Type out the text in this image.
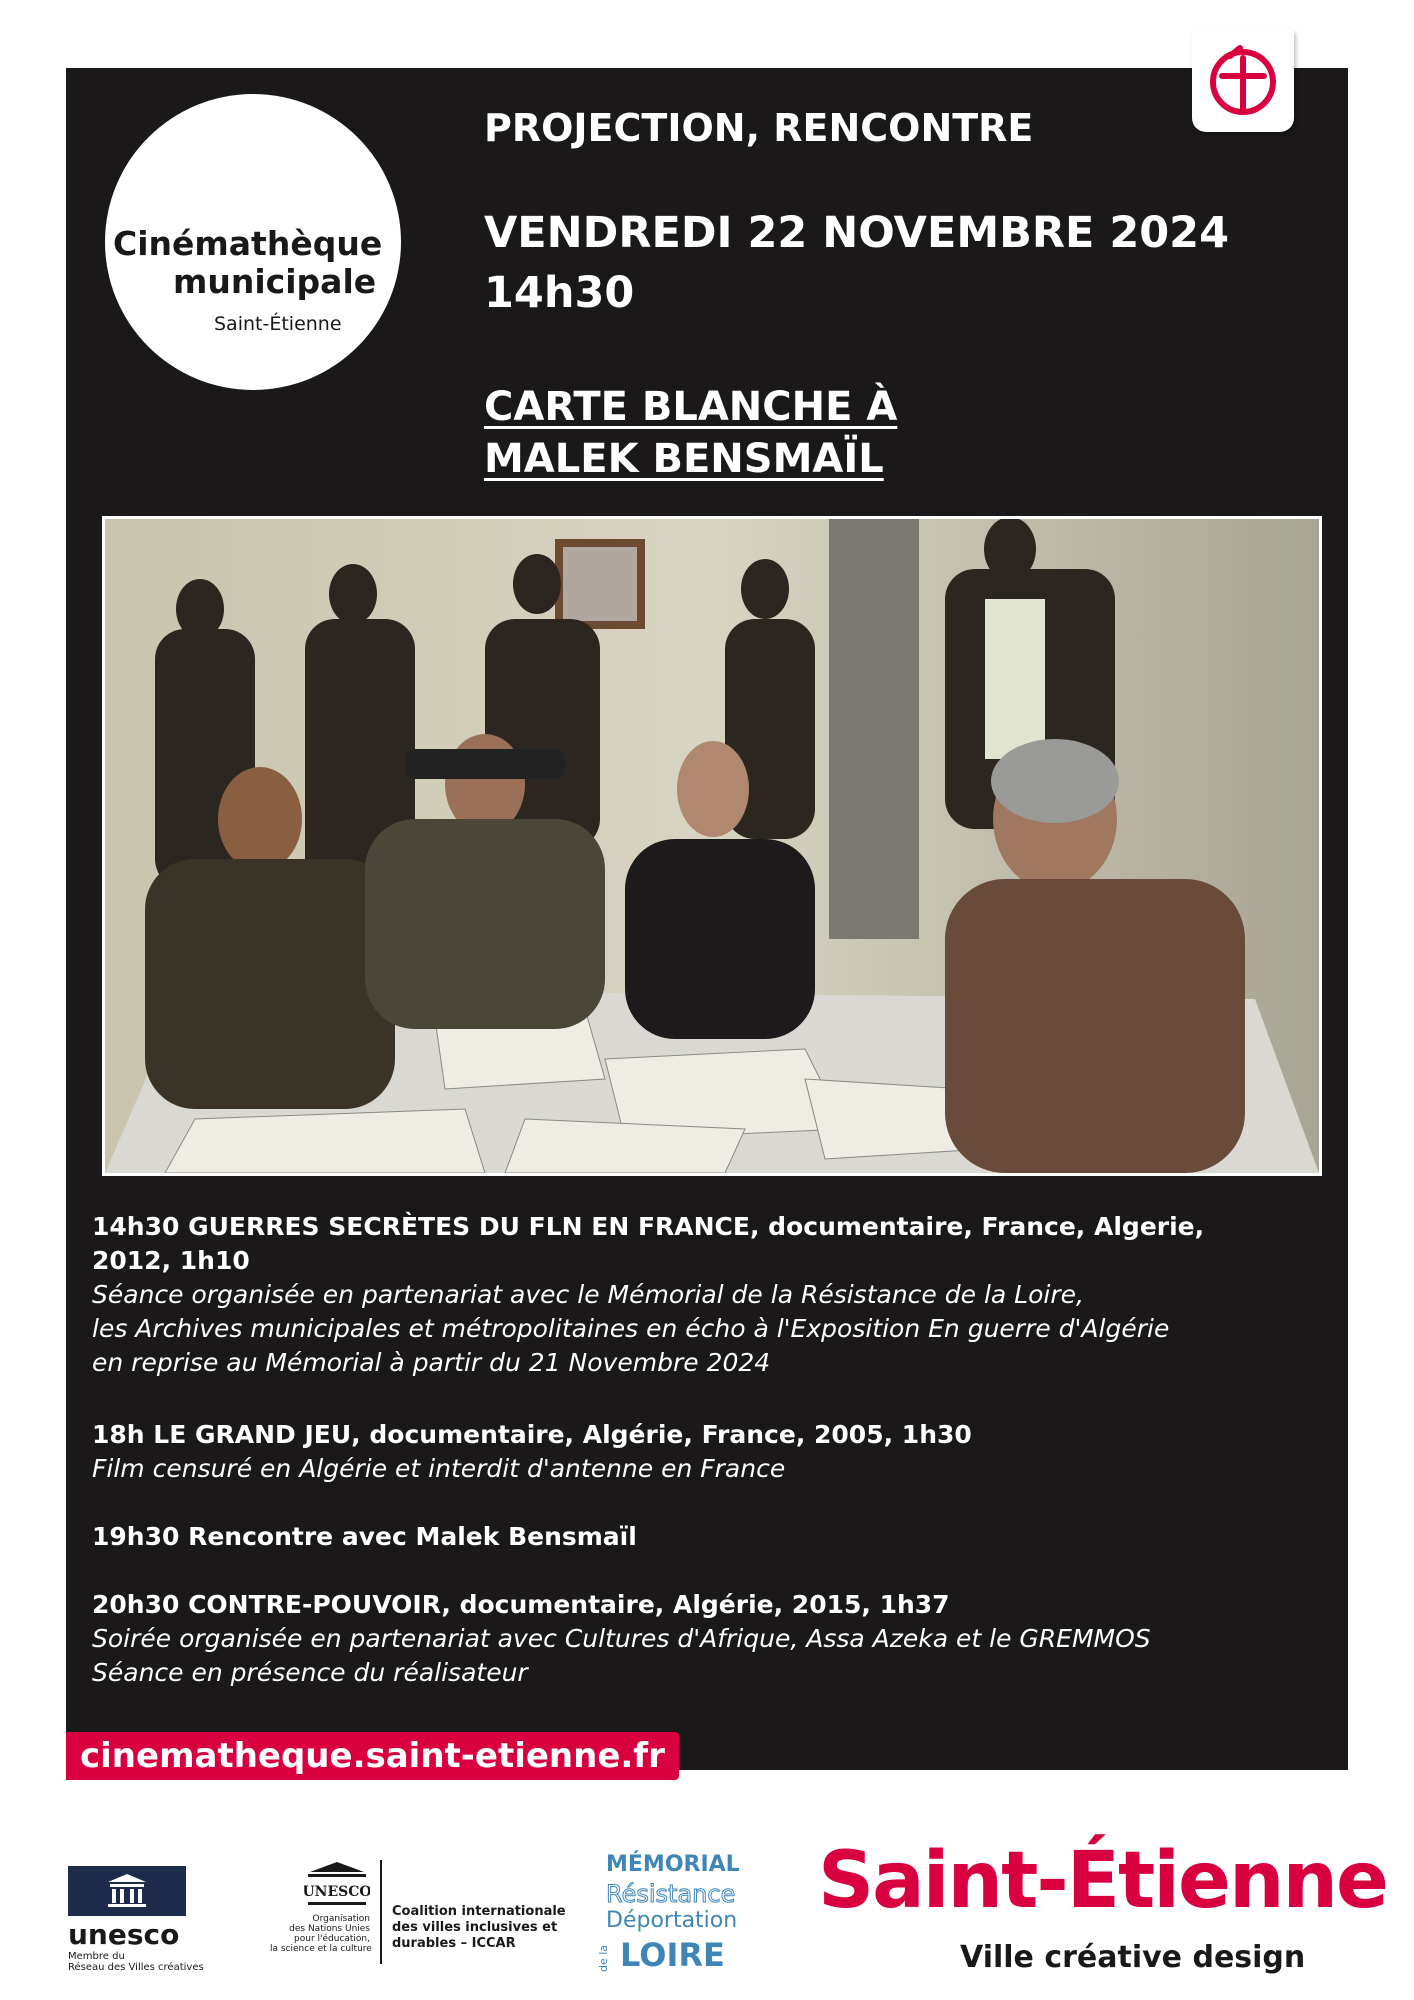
Cinémathèque
municipale
Saint-Étienne
PROJECTION, RENCONTRE
VENDREDI 22 NOVEMBRE 2024
14h30
CARTE BLANCHE À
MALEK BENSMAÏL
14h30 GUERRES SECRÈTES DU FLN EN FRANCE, documentaire, France, Algerie,
2012, 1h10
Séance organisée en partenariat avec le Mémorial de la Résistance de la Loire,
les Archives municipales et métropolitaines en écho à l'Exposition En guerre d'Algérie
en reprise au Mémorial à partir du 21 Novembre 2024
18h LE GRAND JEU, documentaire, Algérie, France, 2005, 1h30
Film censuré en Algérie et interdit d'antenne en France
19h30 Rencontre avec Malek Bensmaïl
20h30 CONTRE-POUVOIR, documentaire, Algérie, 2015, 1h37
Soirée organisée en partenariat avec Cultures d'Afrique, Assa Azeka et le GREMMOS
Séance en présence du réalisateur
cinematheque.saint-etienne.fr
unesco
Membre du
Réseau des Villes créatives
UNESCO
Organisation
des Nations Unies
pour l'éducation,
la science et la culture
Coalition internationale
des villes inclusives et
durables – ICCAR
MÉMORIAL
Résistance
Déportation
de la LOIRE
Saint-Étienne
Ville créative design
